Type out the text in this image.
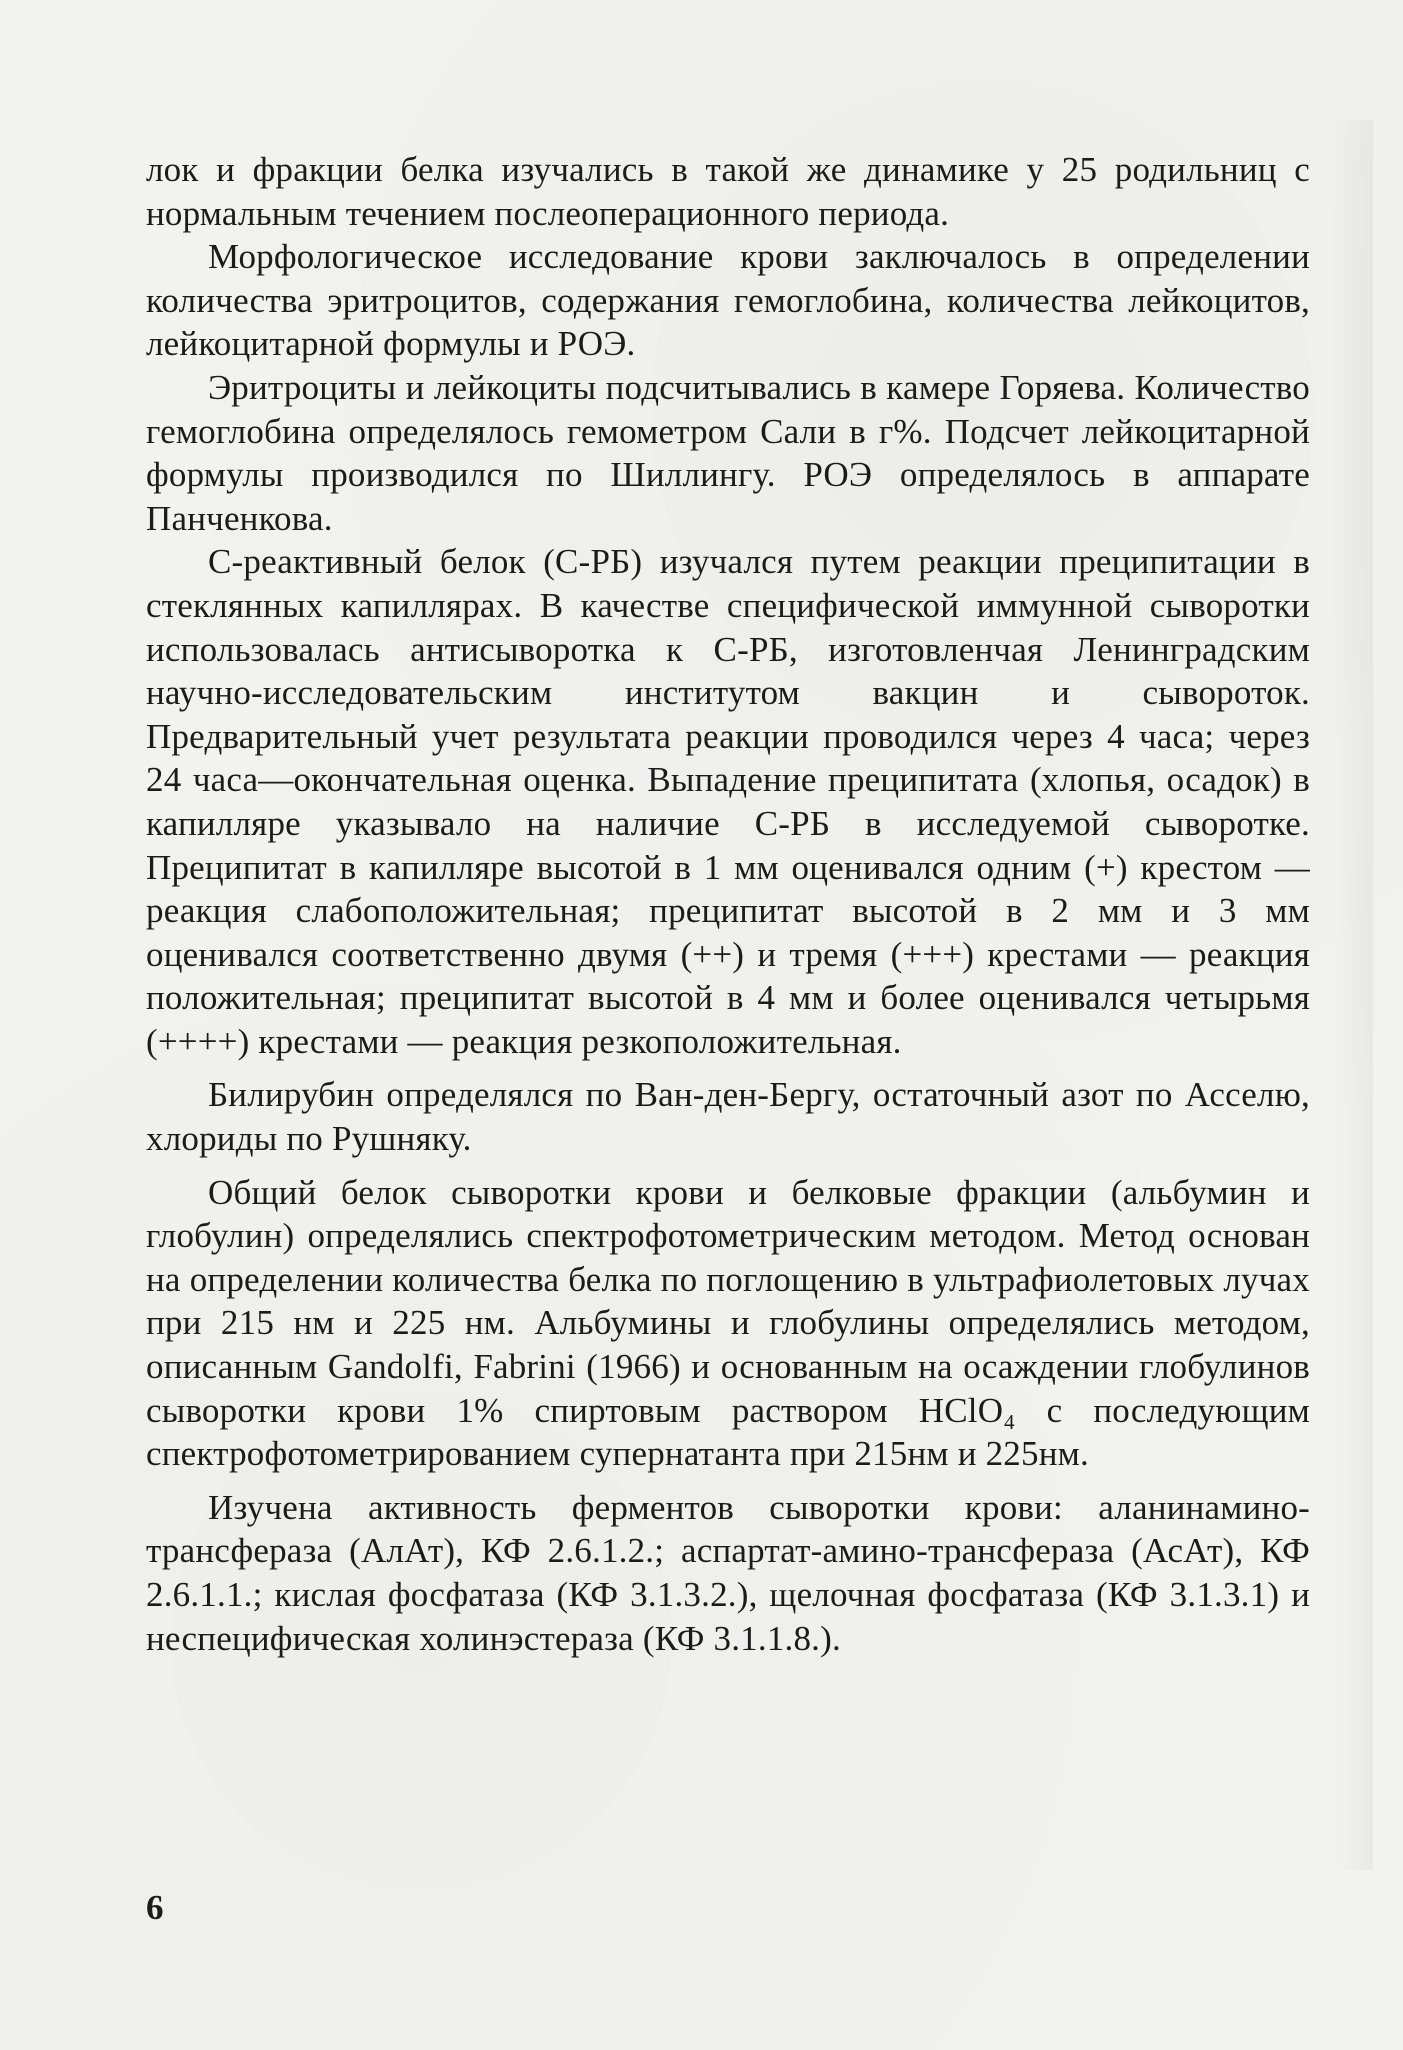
лок и фракции белка изучались в такой же динамике у 25 родильниц с нормальным течением послеоперационного периода.

Морфологическое исследование крови заключалось в определении количества эритроцитов, содержания гемоглобина, количества лейкоцитов, лейкоцитарной формулы и РОЭ.

Эритроциты и лейкоциты подсчитывались в камере Горяева. Количество гемоглобина определялось гемометром Сали в г%. Подсчет лейкоцитарной формулы производился по Шиллингу. РОЭ определялось в аппарате Панченкова.

С-реактивный белок (С-РБ) изучался путем реакции преципитации в стеклянных капиллярах. В качестве специфической иммунной сыворотки использовалась антисыворотка к С-РБ, изготовленчая Ленинградским научно-исследовательским институтом вакцин и сывороток. Предварительный учет результата реакции проводился через 4 часа; через 24 часа—окончательная оценка. Выпадение преципитата (хлопья, осадок) в капилляре указывало на наличие С-РБ в исследуемой сыворотке. Преципитат в капилляре высотой в 1 мм оценивался одним (+) крестом — реакция слабоположительная; преципитат высотой в 2 мм и 3 мм оценивался соответственно двумя (++) и тремя (+++) крестами — реакция положительная; преципитат высотой в 4 мм и более оценивался четырьмя (++++) крестами — реакция резкоположительная.

Билирубин определялся по Ван-ден-Бергу, остаточный азот по Асселю, хлориды по Рушняку.

Общий белок сыворотки крови и белковые фракции (альбумин и глобулин) определялись спектрофотометрическим методом. Метод основан на определении количества белка по поглощению в ультрафиолетовых лучах при 215 нм и 225 нм. Альбумины и глобулины определялись методом, описанным Gandolfi, Fabrini (1966) и основанным на осаждении глобулинов сыворотки крови 1% спиртовым раствором НСlO₄ с последующим спектрофотометрированием супернатанта при 215нм и 225нм.

Изучена активность ферментов сыворотки крови: аланинамино-трансфераза (АлАт), КФ 2.6.1.2.; аспартат-амино-трансфераза (АсАт), КФ 2.6.1.1.; кислая фосфатаза (КФ 3.1.3.2.), щелочная фосфатаза (КФ 3.1.3.1) и неспецифическая холинэстераза (КФ 3.1.1.8.).

6
